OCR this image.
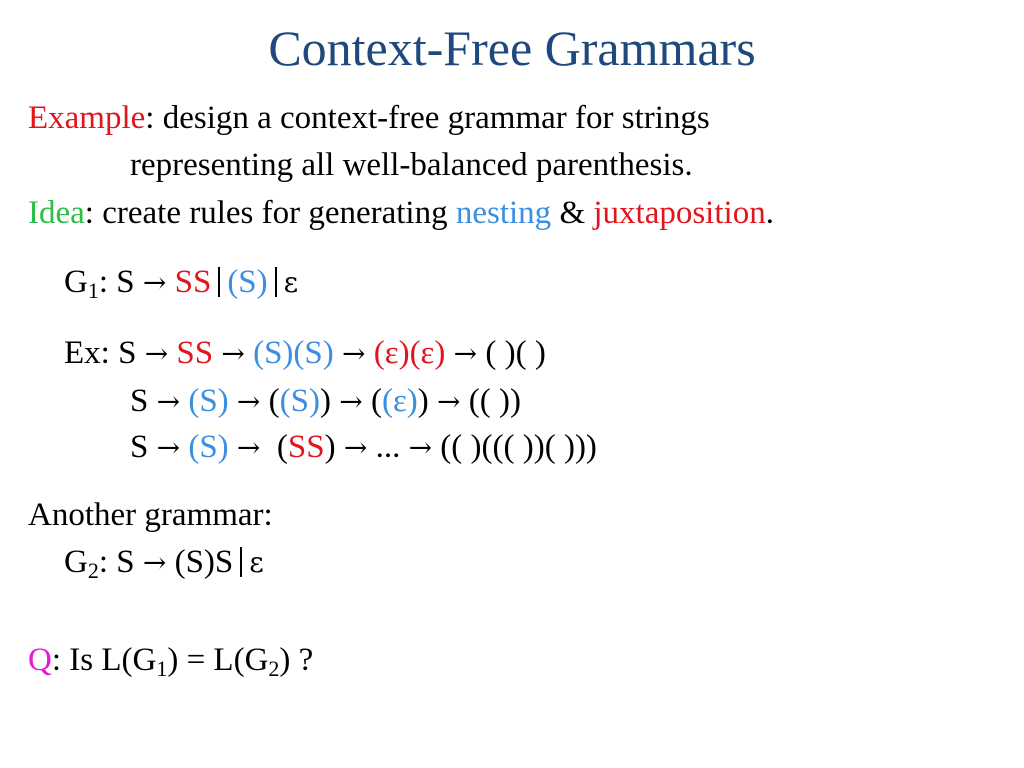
Context-Free Grammars
Example: design a context-free grammar for strings
representing all well-balanced parenthesis.
Idea: create rules for generating nesting & juxtaposition.
$G_1$: S → SS (S) ε
Ex: S → SS → (S)(S) → (ε)(ε) → ( )( )
S → (S) → ((S)) → ((ε)) → (( ))
S → (S) → (SS) → ... → (( )((( ))( )))
Another grammar:
$G_2$: S → (S)S ε
Q: Is $L(G_1) = L(G_2)$ ?
